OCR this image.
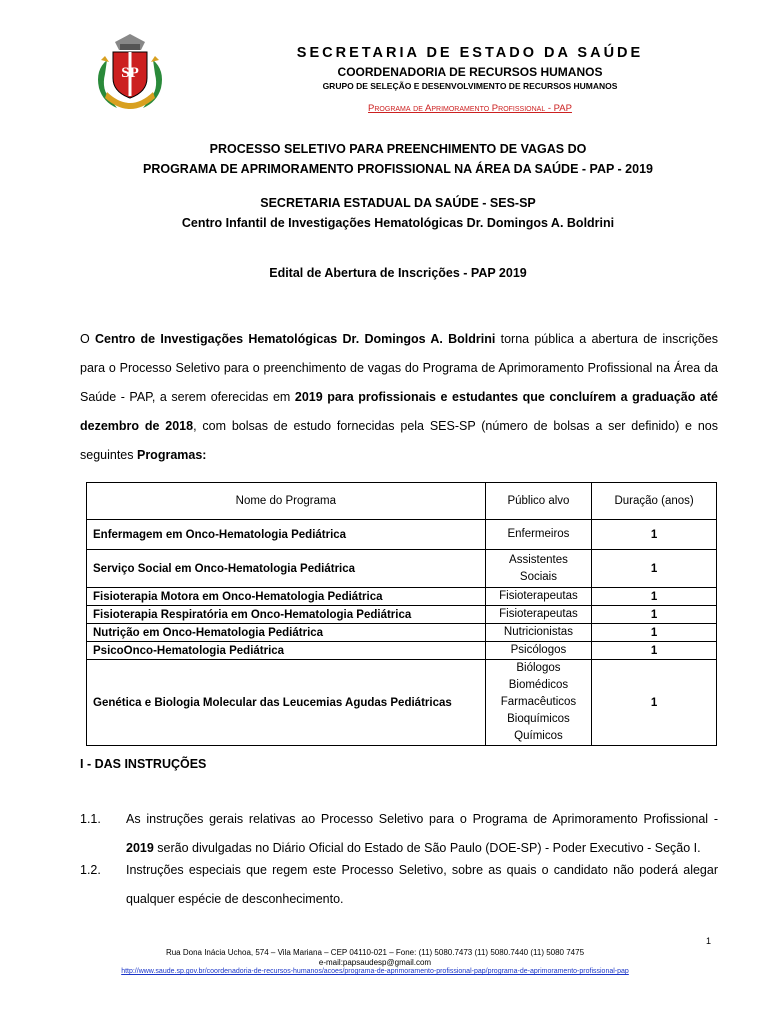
SP
SECRETARIA DE ESTADO DA SAÚDE
COORDENADORIA DE RECURSOS HUMANOS
GRUPO DE SELEÇÃO E DESENVOLVIMENTO DE RECURSOS HUMANOS
Programa de Aprimoramento Profissional - PAP
PROCESSO SELETIVO PARA PREENCHIMENTO DE VAGAS DO
PROGRAMA DE APRIMORAMENTO PROFISSIONAL NA ÁREA DA SAÚDE - PAP - 2019
SECRETARIA ESTADUAL DA SAÚDE - SES-SP
Centro Infantil de Investigações Hematológicas Dr. Domingos A. Boldrini
Edital de Abertura de Inscrições - PAP 2019
O Centro de Investigações Hematológicas Dr. Domingos A. Boldrini torna pública a abertura de inscrições para o Processo Seletivo para o preenchimento de vagas do Programa de Aprimoramento Profissional na Área da Saúde - PAP, a serem oferecidas em 2019 para profissionais e estudantes que concluírem a graduação até dezembro de 2018, com bolsas de estudo fornecidas pela SES-SP (número de bolsas a ser definido) e nos seguintes Programas:
Nome do Programa	Público alvo	Duração (anos)
Enfermagem em Onco-Hematologia Pediátrica	Enfermeiros	1
Serviço Social em Onco-Hematologia Pediátrica	Assistentes
Sociais	1
Fisioterapia Motora em Onco-Hematologia Pediátrica	Fisioterapeutas	1
Fisioterapia Respiratória em Onco-Hematologia Pediátrica	Fisioterapeutas	1
Nutrição em Onco-Hematologia Pediátrica	Nutricionistas	1
PsicoOnco-Hematologia Pediátrica	Psicólogos	1
Genética e Biologia Molecular das Leucemias Agudas Pediátricas	Biólogos
Biomédicos
Farmacêuticos
Bioquímicos
Químicos	1
I - DAS INSTRUÇÕES
1.1. As instruções gerais relativas ao Processo Seletivo para o Programa de Aprimoramento Profissional - 2019 serão divulgadas no Diário Oficial do Estado de São Paulo (DOE-SP) - Poder Executivo - Seção I.
1.2. Instruções especiais que regem este Processo Seletivo, sobre as quais o candidato não poderá alegar qualquer espécie de desconhecimento.
1
Rua Dona Inácia Uchoa, 574 – Vila Mariana – CEP 04110-021 – Fone: (11) 5080.7473 (11) 5080.7440 (11) 5080 7475
e-mail:papsaudesp@gmail.com
http://www.saude.sp.gov.br/coordenadoria-de-recursos-humanos/acoes/programa-de-aprimoramento-profissional-pap/programa-de-aprimoramento-profissional-pap
